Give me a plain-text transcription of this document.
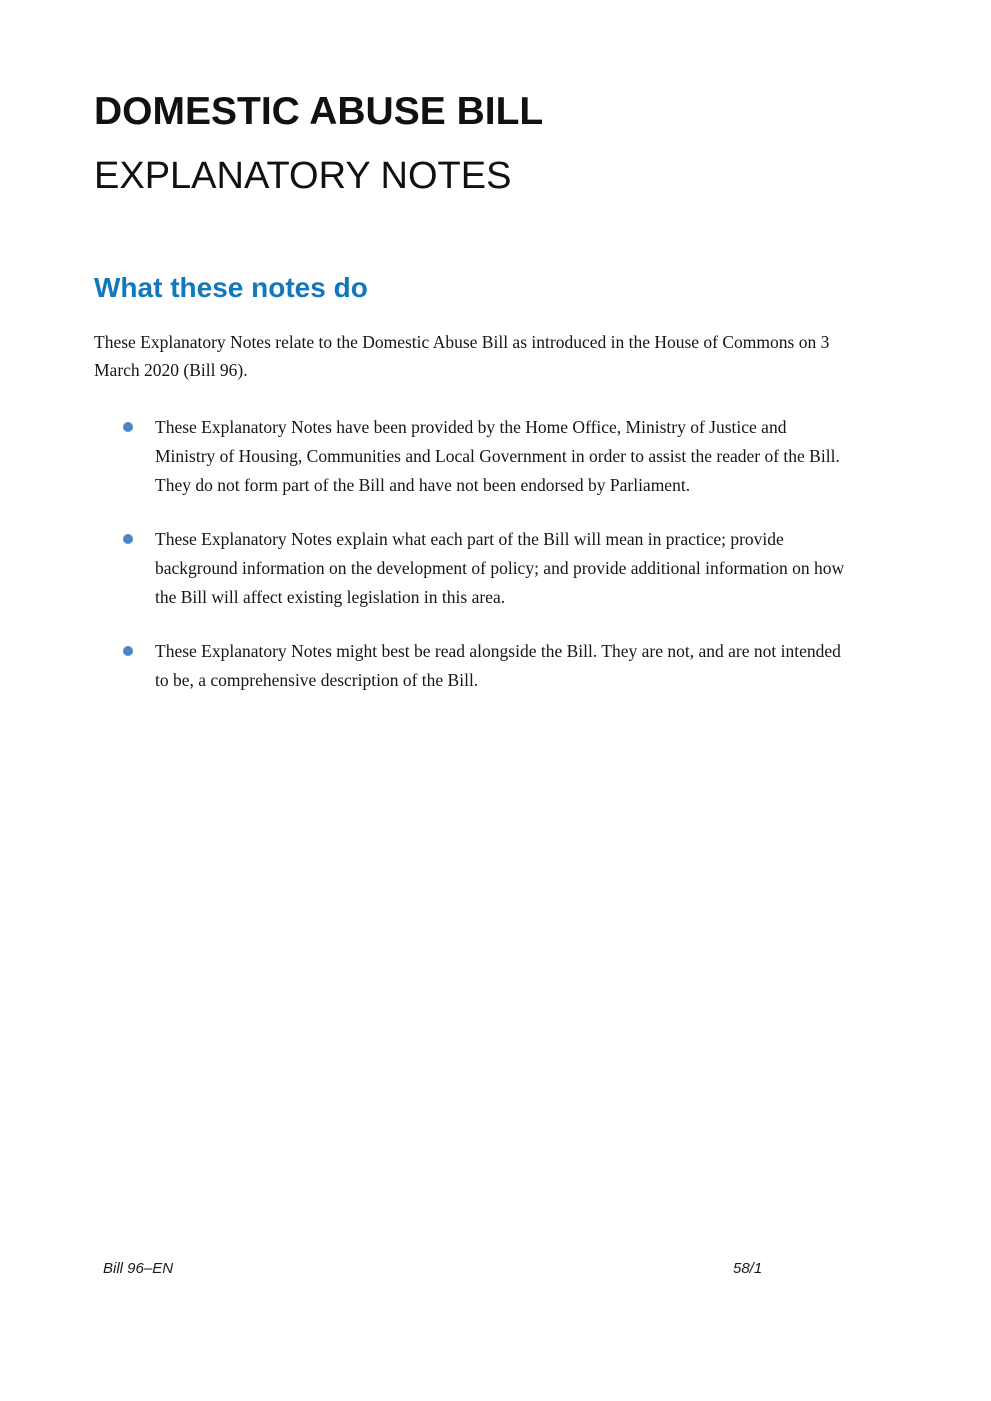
DOMESTIC ABUSE BILL
EXPLANATORY NOTES
What these notes do

These Explanatory Notes relate to the Domestic Abuse Bill as introduced in the House of Commons on 3 March 2020 (Bill 96).

These Explanatory Notes have been provided by the Home Office, Ministry of Justice and Ministry of Housing, Communities and Local Government in order to assist the reader of the Bill. They do not form part of the Bill and have not been endorsed by Parliament.
These Explanatory Notes explain what each part of the Bill will mean in practice; provide background information on the development of policy; and provide additional information on how the Bill will affect existing legislation in this area.
These Explanatory Notes might best be read alongside the Bill. They are not, and are not intended to be, a comprehensive description of the Bill.
Bill 96–EN	58/1
